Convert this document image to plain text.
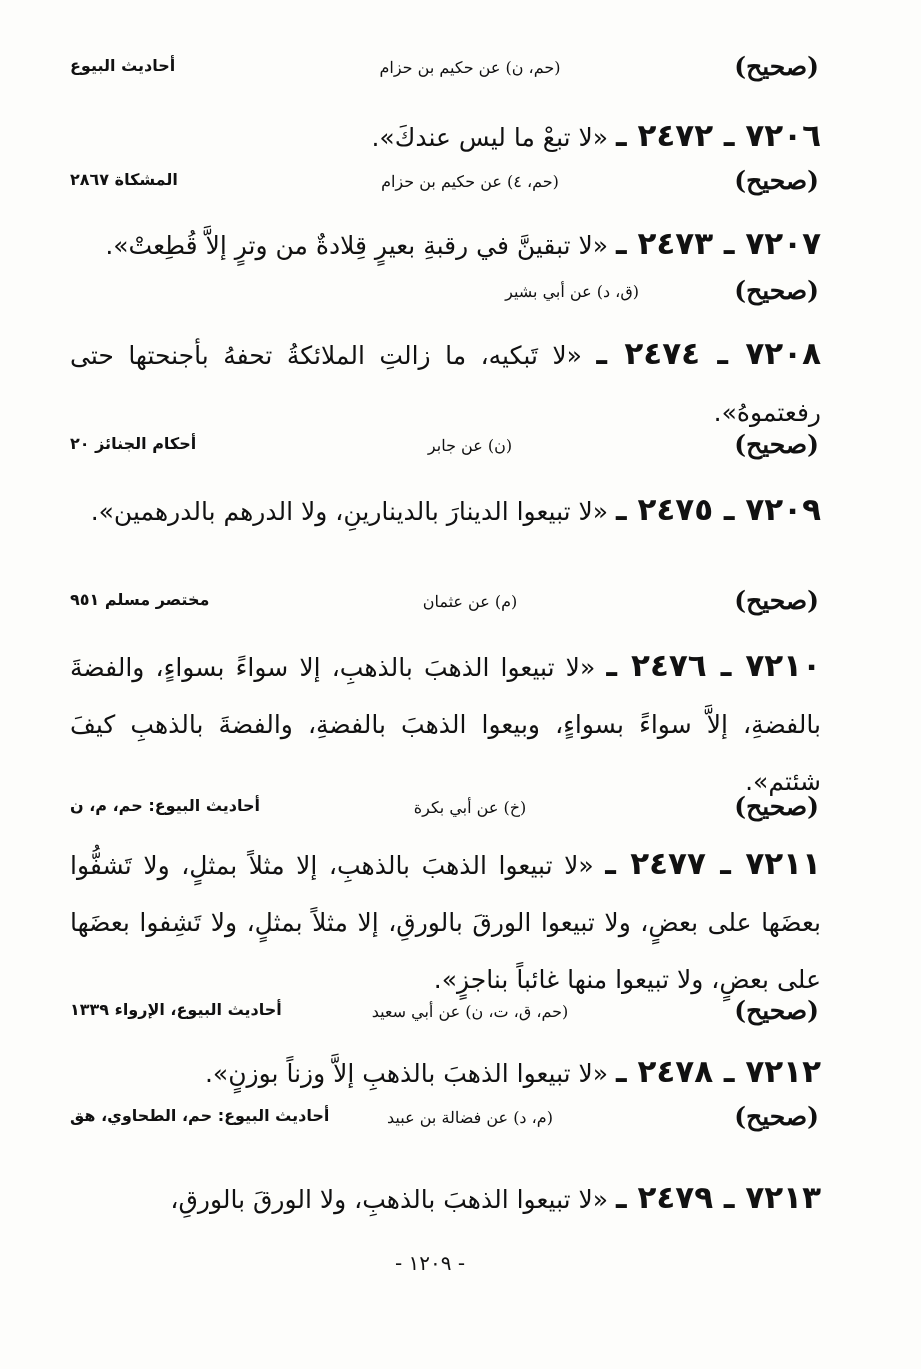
(صحيح)
(حم، ن) عن حكيم بن حزام
أحاديث البيوع
٧٢٠٦ ـ ٢٤٧٢ ـ «لا تبعْ ما ليس عندكَ».
(صحيح)
(حم، ٤) عن حكيم بن حزام
المشكاة ٢٨٦٧
٧٢٠٧ ـ ٢٤٧٣ ـ «لا تبقينَّ في رقبةِ بعيرٍ قِلادةٌ من وترٍ إلاَّ قُطِعتْ».
(صحيح)
(ق، د) عن أبي بشير
٧٢٠٨ ـ ٢٤٧٤ ـ «لا تَبكيه، ما زالتِ الملائكةُ تحفهُ بأجنحتها حتى رفعتموهُ».
(صحيح)
(ن) عن جابر
أحكام الجنائز ٢٠
٧٢٠٩ ـ ٢٤٧٥ ـ «لا تبيعوا الدينارَ بالدينارينِ، ولا الدرهم بالدرهمين».
(صحيح)
(م) عن عثمان
مختصر مسلم ٩٥١
٧٢١٠ ـ ٢٤٧٦ ـ «لا تبيعوا الذهبَ بالذهبِ، إلا سواءً بسواءٍ، والفضةَ بالفضةِ، إلاَّ سواءً بسواءٍ، وبيعوا الذهبَ بالفضةِ، والفضةَ بالذهبِ كيفَ شئتم».
(صحيح)
(خ) عن أبي بكرة
أحاديث البيوع: حم، م، ن
٧٢١١ ـ ٢٤٧٧ ـ «لا تبيعوا الذهبَ بالذهبِ، إلا مثلاً بمثلٍ، ولا تَشفُّوا بعضَها على بعضٍ، ولا تبيعوا الورقَ بالورقِ، إلا مثلاً بمثلٍ، ولا تَشِفوا بعضَها على بعضٍ، ولا تبيعوا منها غائباً بناجزٍ».
(صحيح)
(حم، ق، ت، ن) عن أبي سعيد
أحاديث البيوع، الإرواء ١٣٣٩
٧٢١٢ ـ ٢٤٧٨ ـ «لا تبيعوا الذهبَ بالذهبِ إلاَّ وزناً بوزنٍ».
(صحيح)
(م، د) عن فضالة بن عبيد
أحاديث البيوع: حم، الطحاوي، هق
٧٢١٣ ـ ٢٤٧٩ ـ «لا تبيعوا الذهبَ بالذهبِ، ولا الورقَ بالورقِ،
- ١٢٠٩ -
